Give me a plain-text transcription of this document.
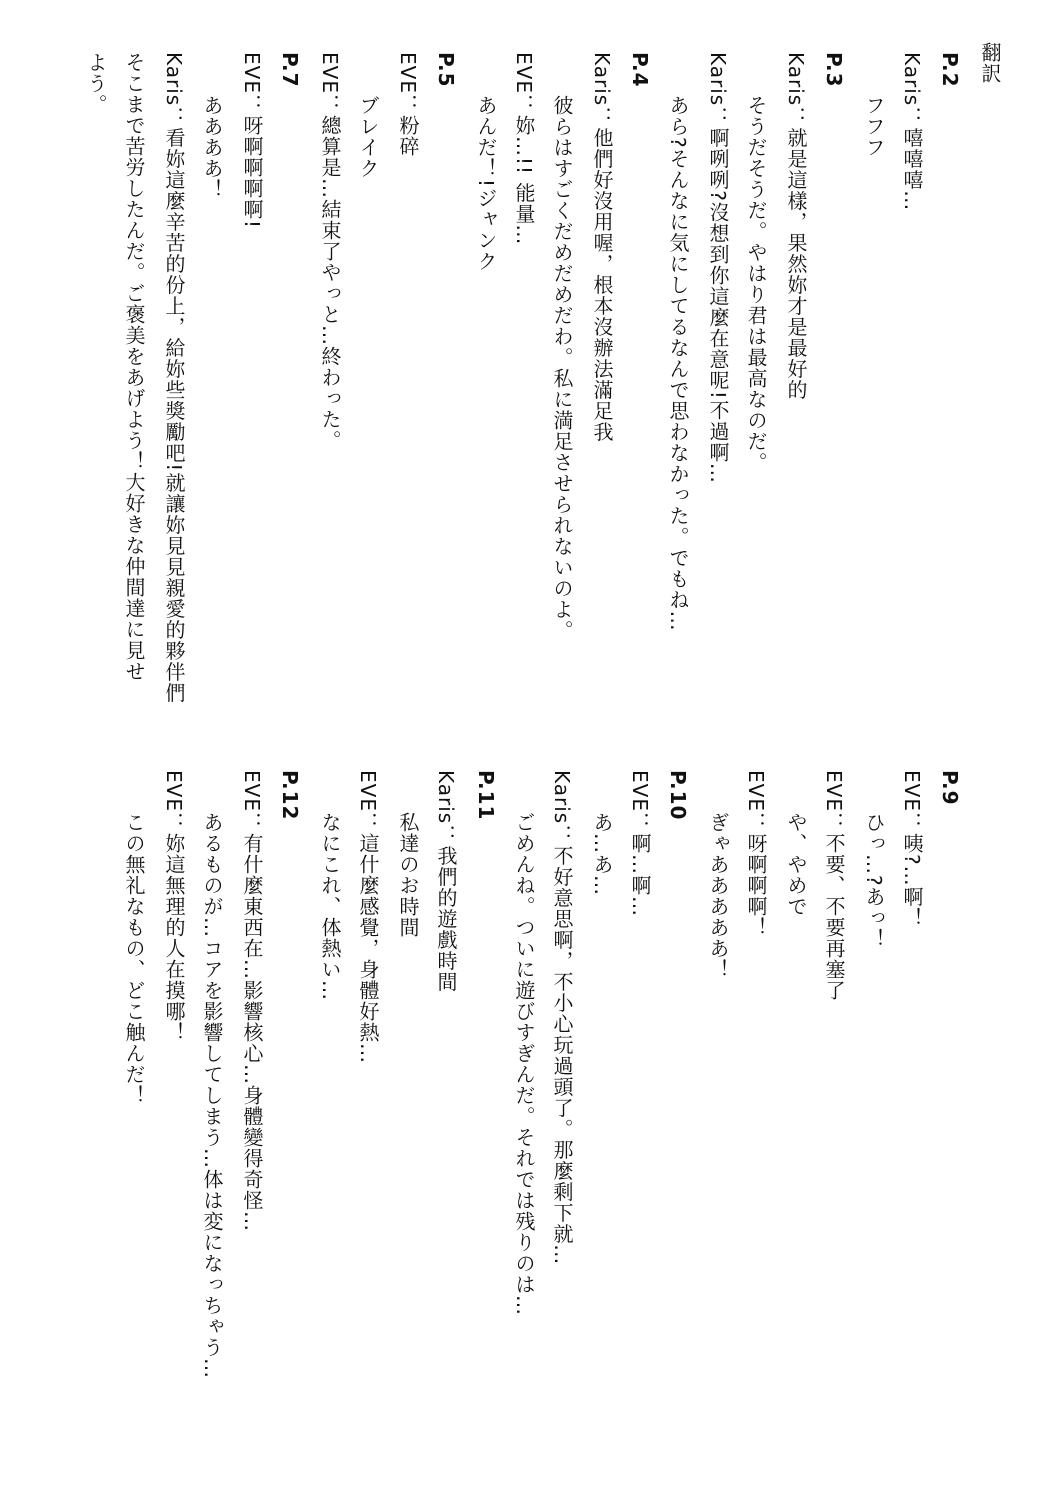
翻訳
P.2
Karis：嘻嘻嘻…
フフフ
P.3
Karis：就是這樣，果然妳才是最好的
そうだそうだ。やはり君は最高なのだ。
Karis：啊咧咧?沒想到你這麼在意呢!不過啊…
あら?そんなに気にしてるなんで思わなかった。でもね…
P.4
Karis：他們好沒用喔，根本沒辦法滿足我
彼らはすごくだめだめだわ。私に満足させられないのよ。
EVE：妳…!! 能量…
あんだ！!ジャンク
P.5
EVE：粉碎
ブレイク
EVE：總算是…結束了やっと…終わった。
P.7
EVE：呀啊啊啊啊!
ああああ！
Karis：看妳這麼辛苦的份上，給妳些獎勵吧!就讓妳見見親愛的夥伴們
そこまで苦労したんだ。ご褒美をあげよう！大好きな仲間達に見せ
よう。
P.9
EVE：咦?…啊！
ひっ…?あっ！
EVE：不要、不要再塞了
や、やめで
EVE：呀啊啊啊！
ぎゃあああああ！
P.10
EVE：啊…啊…
あ…あ…
Karis：不好意思啊，不小心玩過頭了。那麼剩下就…
ごめんね。ついに遊びすぎんだ。それでは残りのは…
P.11
Karis：我們的遊戲時間
私達のお時間
EVE：這什麼感覺，身體好熱…
なにこれ、体熱い…
P.12
EVE：有什麼東西在…影響核心…身體變得奇怪…
あるものが…コアを影響してしまう…体は変になっちゃう…
EVE：妳這無理的人在摸哪！
この無礼なもの、どこ触んだ！
